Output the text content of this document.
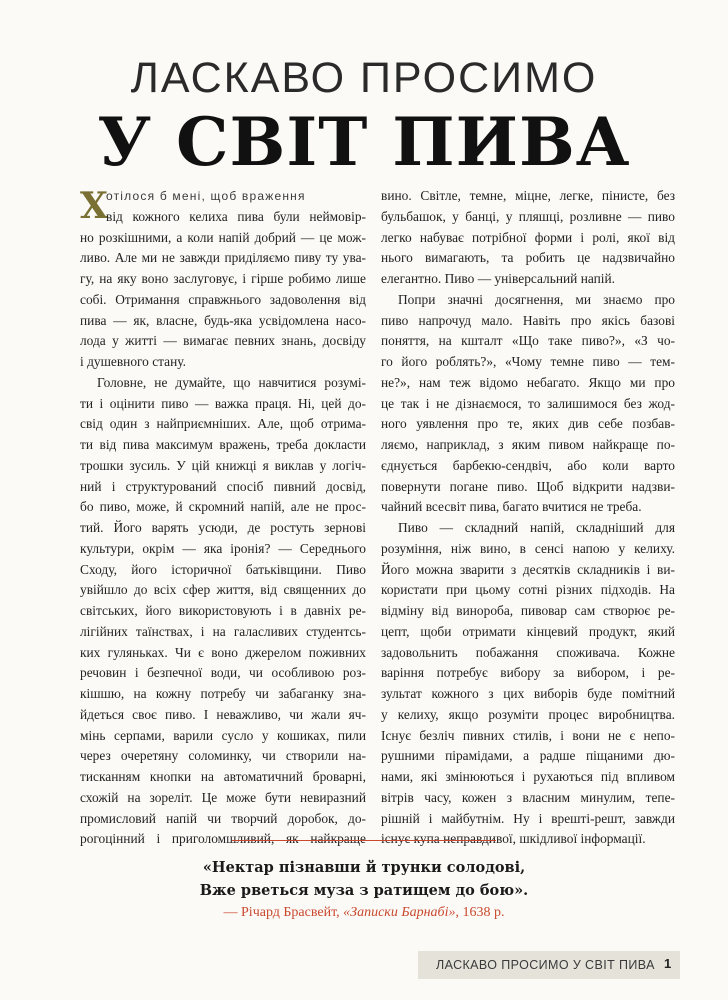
ЛАСКАВО ПРОСИМО
У СВІТ ПИВА
Х
отілося б мені, щоб враження
від кожного келиха пива були неймовір-
но розкішними, а коли напій добрий — це мож-
ливо. Але ми не завжди приділяємо пиву ту ува-
гу, на яку воно заслуговує, і гірше робимо лише
собі. Отримання справжнього задоволення від
пива — як, власне, будь-яка усвідомлена насо-
лода у житті — вимагає певних знань, досвіду
і душевного стану.
Головне, не думайте, що навчитися розумі-
ти і оцінити пиво — важка праця. Ні, цей до-
свід один з найприємніших. Але, щоб отрима-
ти від пива максимум вражень, треба докласти
трошки зусиль. У цій книжці я виклав у логіч-
ний і структурований спосіб пивний досвід,
бо пиво, може, й скромний напій, але не прос-
тий. Його варять усюди, де ростуть зернові
культури, окрім — яка іронія? — Середнього
Сходу, його історичної батьківщини. Пиво
увійшло до всіх сфер життя, від священних до
світських, його використовують і в давніх ре-
лігійних таїнствах, і на галасливих студентсь-
ких гуляньках. Чи є воно джерелом поживних
речовин і безпечної води, чи особливою роз-
кішшю, на кожну потребу чи забаганку зна-
йдеться своє пиво. І неважливо, чи жали яч-
мінь серпами, варили сусло у кошиках, пили
через очеретяну соломинку, чи створили на-
тисканням кнопки на автоматичний броварні,
схожій на зореліт. Це може бути невиразний
промисловий напій чи творчий доробок, до-
рогоцінний і приголомшливий, як найкраще
вино. Світле, темне, міцне, легке, пінисте, без
бульбашок, у банці, у пляшці, розливне — пиво
легко набуває потрібної форми і ролі, якої від
нього вимагають, та робить це надзвичайно
елегантно. Пиво — універсальний напій.
Попри значні досягнення, ми знаємо про
пиво напрочуд мало. Навіть про якісь базові
поняття, на кшталт «Що таке пиво?», «З чо-
го його роблять?», «Чому темне пиво — тем-
не?», нам теж відомо небагато. Якщо ми про
це так і не дізнаємося, то залишимося без жод-
ного уявлення про те, яких див себе позбав-
ляємо, наприклад, з яким пивом найкраще по-
єднується барбекю-сендвіч, або коли варто
повернути погане пиво. Щоб відкрити надзви-
чайний всесвіт пива, багато вчитися не треба.
Пиво — складний напій, складніший для
розуміння, ніж вино, в сенсі напою у келиху.
Його можна зварити з десятків складників і ви-
користати при цьому сотні різних підходів. На
відміну від винороба, пивовар сам створює ре-
цепт, щоби отримати кінцевий продукт, який
задовольнить побажання споживача. Кожне
варіння потребує вибору за вибором, і ре-
зультат кожного з цих виборів буде помітний
у келиху, якщо розуміти процес виробництва.
Існує безліч пивних стилів, і вони не є непо-
рушними пірамідами, а радше піщаними дю-
нами, які змінюються і рухаються під впливом
вітрів часу, кожен з власним минулим, тепе-
рішній і майбутнім. Ну і врешті-решт, завжди
існує купа неправдивої, шкідливої інформації.
«Нектар пізнавши й трунки солодові,
Вже рветься муза з ратищем до бою».
— Річард Брасвейт, «Записки Барнабі», 1638 р.
ЛАСКАВО ПРОСИМО У СВІТ ПИВА 1
